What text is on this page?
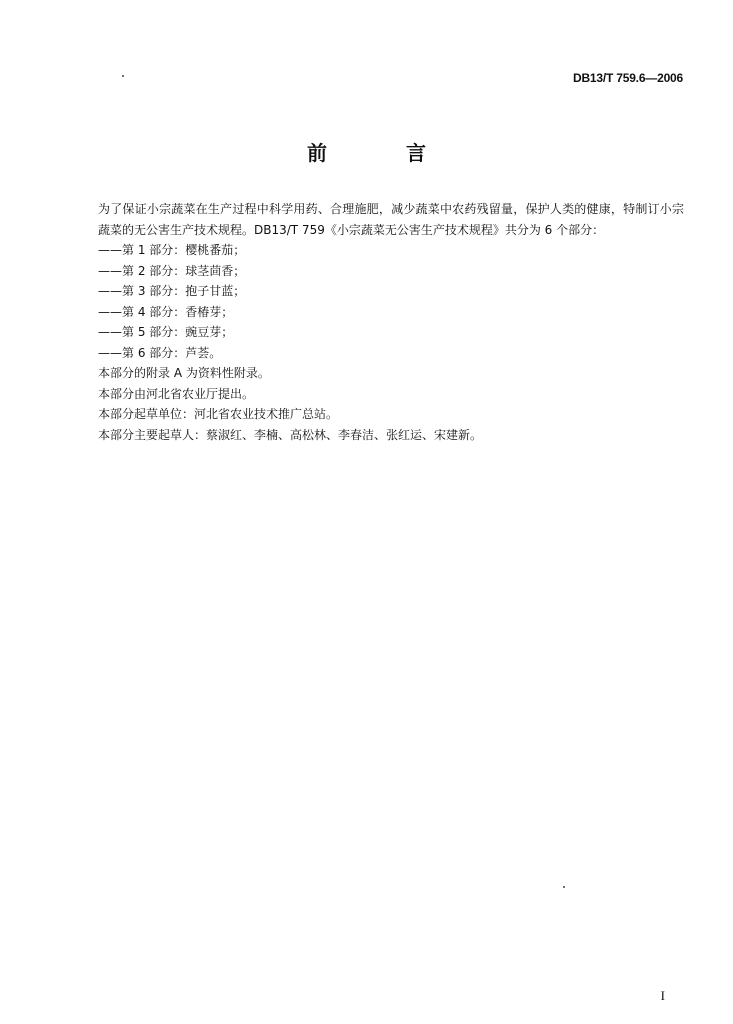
DB13/T 759.6—2006
前 言

为了保证小宗蔬菜在生产过程中科学用药、合理施肥，减少蔬菜中农药残留量，保护人类的健康，特制订小宗蔬菜的无公害生产技术规程。DB13/T 759《小宗蔬菜无公害生产技术规程》共分为 6 个部分：

——第 1 部分：樱桃番茄；
——第 2 部分：球茎茴香；
——第 3 部分：抱子甘蓝；
——第 4 部分：香椿芽；
——第 5 部分：豌豆芽；
——第 6 部分：芦荟。

本部分的附录 A 为资料性附录。

本部分由河北省农业厅提出。

本部分起草单位：河北省农业技术推广总站。

本部分主要起草人：蔡淑红、李楠、高松林、李春洁、张红运、宋建新。

I
